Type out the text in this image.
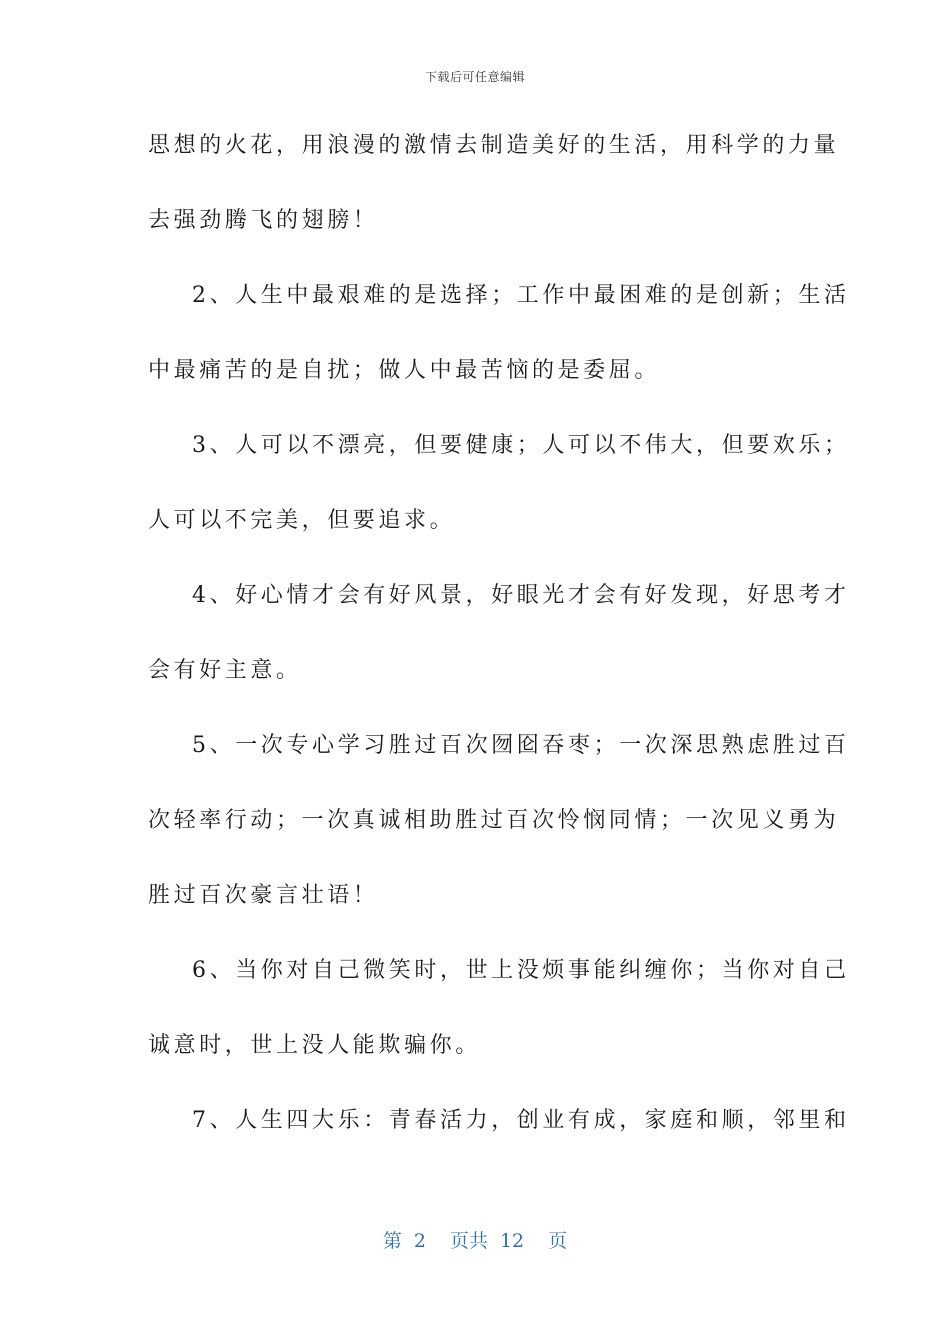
下载后可任意编辑
思想的火花，用浪漫的激情去制造美好的生活，用科学的力量
去强劲腾飞的翅膀！
2、人生中最艰难的是选择；工作中最困难的是创新；生活
中最痛苦的是自扰；做人中最苦恼的是委屈。
3、人可以不漂亮，但要健康；人可以不伟大，但要欢乐；
人可以不完美，但要追求。
4、好心情才会有好风景，好眼光才会有好发现，好思考才
会有好主意。
5、一次专心学习胜过百次囫囵吞枣；一次深思熟虑胜过百
次轻率行动；一次真诚相助胜过百次怜悯同情；一次见义勇为
胜过百次豪言壮语！
6、当你对自己微笑时，世上没烦事能纠缠你；当你对自己
诚意时，世上没人能欺骗你。
7、人生四大乐：青春活力，创业有成，家庭和顺，邻里和
第 2 页共 12 页
